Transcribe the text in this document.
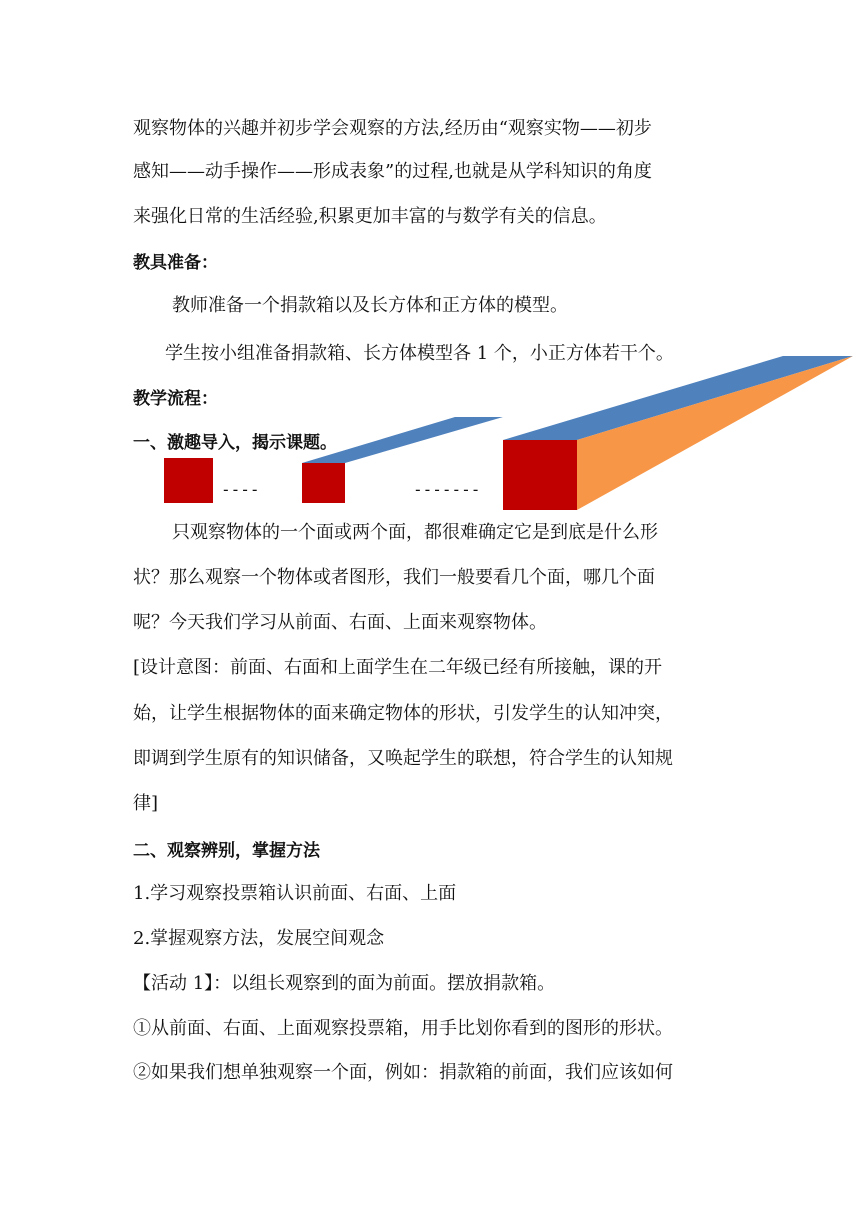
观察物体的兴趣并初步学会观察的方法,经历由“观察实物——初步
感知——动手操作——形成表象”的过程,也就是从学科知识的角度
来强化日常的生活经验,积累更加丰富的与数学有关的信息。
教具准备：
教师准备一个捐款箱以及长方体和正方体的模型。
学生按小组准备捐款箱、长方体模型各 1 个，小正方体若干个。
教学流程：
一、激趣导入，揭示课题。
----	-------
只观察物体的一个面或两个面，都很难确定它是到底是什么形
状？那么观察一个物体或者图形，我们一般要看几个面，哪几个面
呢？今天我们学习从前面、右面、上面来观察物体。
[设计意图：前面、右面和上面学生在二年级已经有所接触，课的开
始，让学生根据物体的面来确定物体的形状，引发学生的认知冲突，
即调到学生原有的知识储备，又唤起学生的联想，符合学生的认知规
律]
二、观察辨别，掌握方法
1.学习观察投票箱认识前面、右面、上面
2.掌握观察方法，发展空间观念
【活动 1】：以组长观察到的面为前面。摆放捐款箱。
①从前面、右面、上面观察投票箱，用手比划你看到的图形的形状。
②如果我们想单独观察一个面，例如：捐款箱的前面，我们应该如何
